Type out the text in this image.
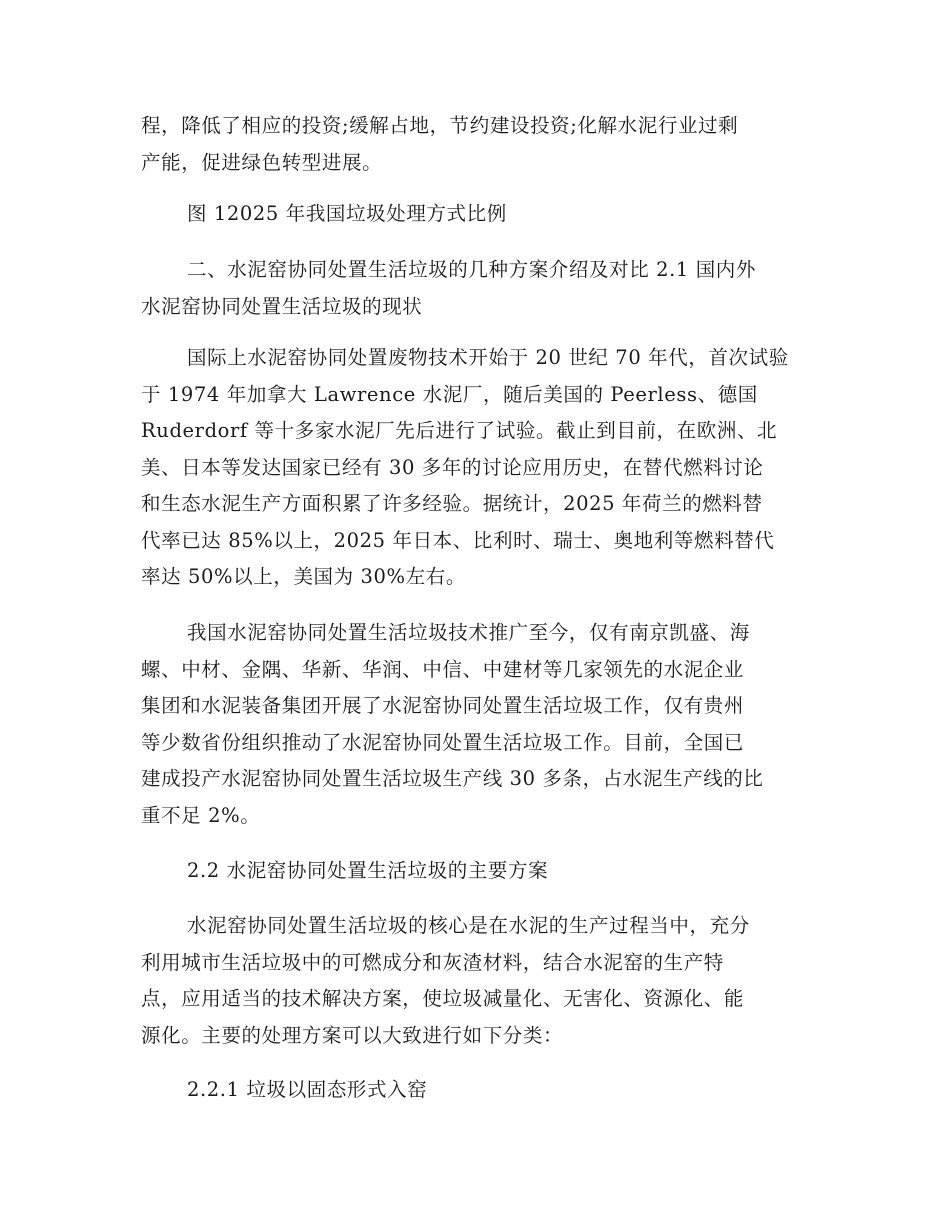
程，降低了相应的投资;缓解占地，节约建设投资;化解水泥行业过剩
产能，促进绿色转型进展。
图 12025 年我国垃圾处理方式比例
二、水泥窑协同处置生活垃圾的几种方案介绍及对比 2.1 国内外
水泥窑协同处置生活垃圾的现状
国际上水泥窑协同处置废物技术开始于 20 世纪 70 年代，首次试验
于 1974 年加拿大 Lawrence 水泥厂，随后美国的 Peerless、德国
Ruderdorf 等十多家水泥厂先后进行了试验。截止到目前，在欧洲、北
美、日本等发达国家已经有 30 多年的讨论应用历史，在替代燃料讨论
和生态水泥生产方面积累了许多经验。据统计，2025 年荷兰的燃料替
代率已达 85%以上，2025 年日本、比利时、瑞士、奥地利等燃料替代
率达 50%以上，美国为 30%左右。
我国水泥窑协同处置生活垃圾技术推广至今，仅有南京凯盛、海
螺、中材、金隅、华新、华润、中信、中建材等几家领先的水泥企业
集团和水泥装备集团开展了水泥窑协同处置生活垃圾工作，仅有贵州
等少数省份组织推动了水泥窑协同处置生活垃圾工作。目前，全国已
建成投产水泥窑协同处置生活垃圾生产线 30 多条，占水泥生产线的比
重不足 2%。
2.2 水泥窑协同处置生活垃圾的主要方案
水泥窑协同处置生活垃圾的核心是在水泥的生产过程当中，充分
利用城市生活垃圾中的可燃成分和灰渣材料，结合水泥窑的生产特
点，应用适当的技术解决方案，使垃圾减量化、无害化、资源化、能
源化。主要的处理方案可以大致进行如下分类：
2.2.1 垃圾以固态形式入窑
